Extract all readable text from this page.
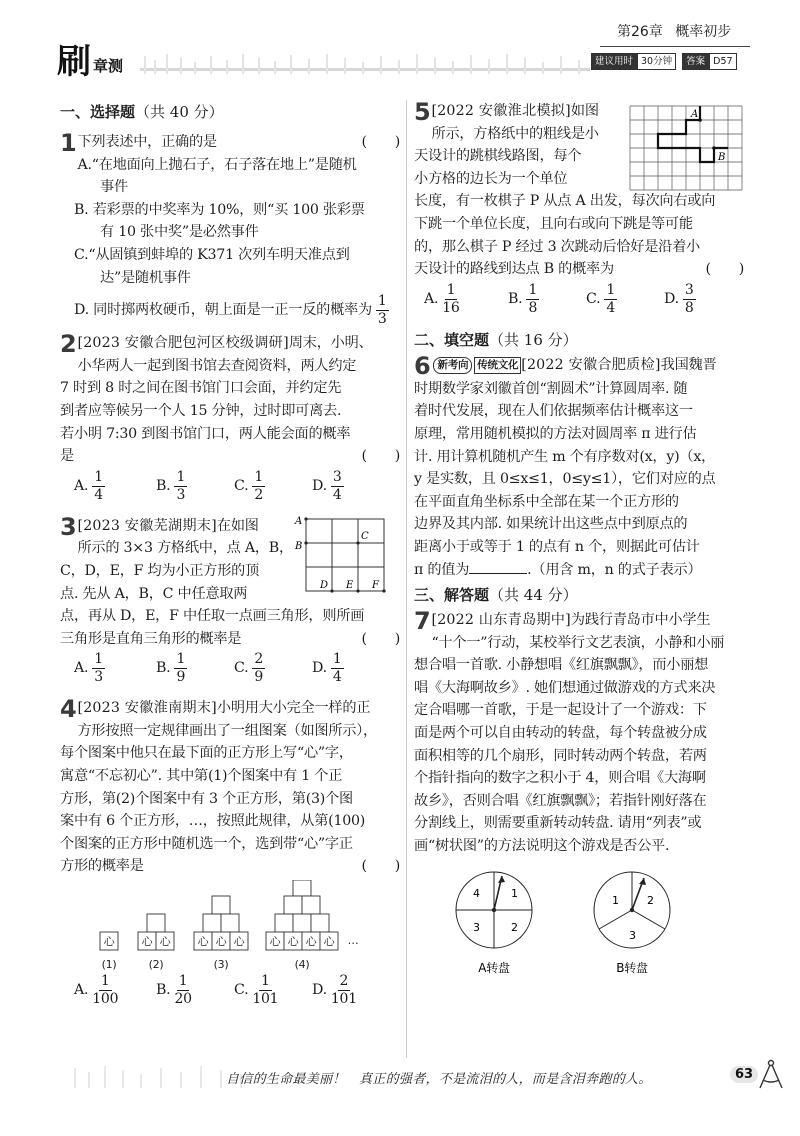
刷 章测
第26章 概率初步
建议用时 30分钟	答案 D57
一、选择题（共 40 分）
1 下列表述中，正确的是	(　　)
A.“在地面向上抛石子，石子落在地上”是随机
事件
B. 若彩票的中奖率为 10%，则“买 100 张彩票
有 10 张中奖”是必然事件
C.“从固镇到蚌埠的 K371 次列车明天准点到
达”是随机事件
D. 同时掷两枚硬币，朝上面是一正一反的概率为 $\frac{1}{3}$
2 [2023 安徽合肥包河区校级调研]周末，小明、
小华两人一起到图书馆去查阅资料，两人约定
7 时到 8 时之间在图书馆门口会面，并约定先
到者应等候另一个人 15 分钟，过时即可离去.
若小明 7:30 到图书馆门口，两人能会面的概率
是	(　　)
A. $\frac{1}{4}$	B. $\frac{1}{3}$	C. $\frac{1}{2}$	D. $\frac{3}{4}$
A
B
C
D E F
3 [2023 安徽芜湖期末]在如图
所示的 3×3 方格纸中，点 A，B，
C，D，E，F 均为小正方形的顶
点. 先从 A，B，C 中任意取两
点，再从 D，E，F 中任取一点画三角形，则所画
三角形是直角三角形的概率是	(　　)
A. $\frac{1}{3}$	B. $\frac{1}{9}$	C. $\frac{2}{9}$	D. $\frac{1}{4}$
4 [2023 安徽淮南期末]小明用大小完全一样的正
方形按照一定规律画出了一组图案（如图所示），
每个图案中他只在最下面的正方形上写“心”字，
寓意“不忘初心”. 其中第(1)个图案中有 1 个正
方形，第(2)个图案中有 3 个正方形，第(3)个图
案中有 6 个正方形，…，按照此规律，从第(100)
个图案的正方形中随机选一个，选到带“心”字正
方形的概率是	(　　)
心 心 心 心 心 心 心 心 心 心 …
(1)	(2)	(3)	(4)
A. $\frac{1}{100}$	B. $\frac{1}{20}$	C. $\frac{1}{101} D$. $\frac{2}{101}$
A
B
5 [2022 安徽淮北模拟]如图
所示，方格纸中的粗线是小
天设计的跳棋线路图，每个
小方格的边长为一个单位
长度，有一枚棋子 P 从点 A 出发，每次向右或向
下跳一个单位长度，且向右或向下跳是等可能
的，那么棋子 P 经过 3 次跳动后恰好是沿着小
天设计的路线到达点 B 的概率为	(　　)
A. $\frac{1}{16}$	B. $\frac{1}{8}$	C. $\frac{1}{4}$	D. $\frac{3}{8}$
二、填空题（共 16 分）
6 新考向 传统文化 [2022 安徽合肥质检] 我国魏晋
时期数学家刘徽首创“割圆术”计算圆周率. 随
着时代发展，现在人们依据频率估计概率这一
原理，常用随机模拟的方法对圆周率 π 进行估
计. 用计算机随机产生 m 个有序数对(x，y)（x，
y 是实数，且 0≤x≤1，0≤y≤1），它们对应的点
在平面直角坐标系中全部在某一个正方形的
边界及其内部. 如果统计出这些点中到原点的
距离小于或等于 1 的点有 n 个，则据此可估计
π 的值为	.（用含 m，n 的式子表示）
三、解答题（共 44 分）
7 [2022 山东青岛期中]为践行青岛市中小学生
“十个一”行动，某校举行文艺表演，小静和小丽
想合唱一首歌. 小静想唱《红旗飘飘》，而小丽想
唱《大海啊故乡》. 她们想通过做游戏的方式来决
定合唱哪一首歌，于是一起设计了一个游戏：下
面是两个可以自由转动的转盘，每个转盘被分成
面积相等的几个扇形，同时转动两个转盘，若两
个指针指向的数字之积小于 4，则合唱《大海啊
故乡》，否则合唱《红旗飘飘》；若指针刚好落在
分割线上，则需要重新转动转盘. 请用“列表”或
画“树状图”的方法说明这个游戏是否公平.
4	1
3	2
A转盘
1	2
3
B转盘
自信的生命最美丽！　真正的强者，不是流泪的人，而是含泪奔跑的人。	63
